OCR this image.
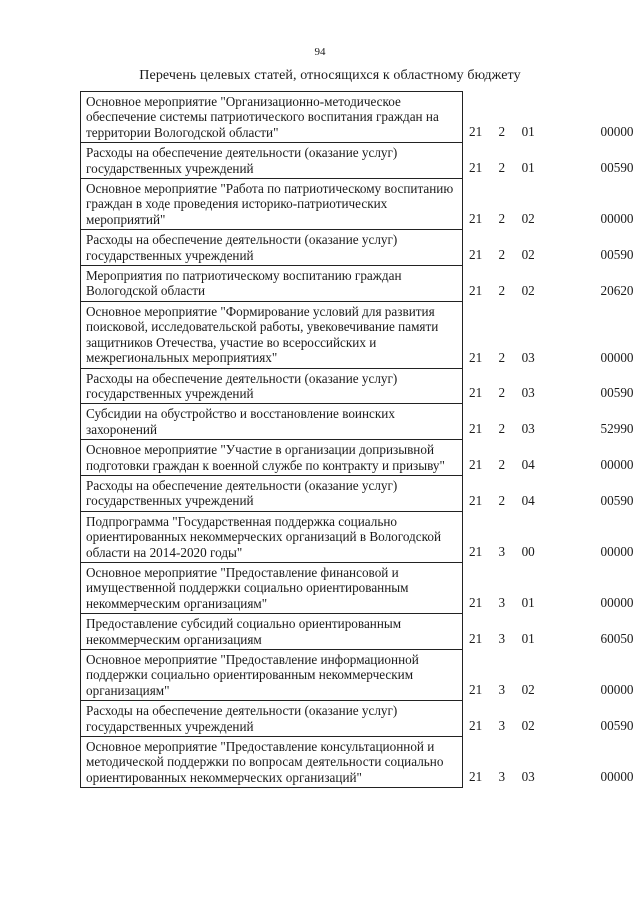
94
Перечень целевых статей, относящихся к областному бюджету
Основное мероприятие "Организационно-методическое обеспечение системы патриотического воспитания граждан на территории Вологодской области"	21	2	01	00000
Расходы на обеспечение деятельности (оказание услуг) государственных учреждений	21	2	01	00590
Основное мероприятие "Работа по патриотическому воспитанию граждан в ходе проведения историко-патриотических мероприятий"	21	2	02	00000
Расходы на обеспечение деятельности (оказание услуг) государственных учреждений	21	2	02	00590
Мероприятия по патриотическому воспитанию граждан Вологодской области	21	2	02	20620
Основное мероприятие "Формирование условий для развития поисковой, исследовательской работы, увековечивание памяти защитников Отечества, участие во всероссийских и межрегиональных мероприятиях"	21	2	03	00000
Расходы на обеспечение деятельности (оказание услуг) государственных учреждений	21	2	03	00590
Субсидии на обустройство и восстановление воинских захоронений	21	2	03	52990
Основное мероприятие "Участие в организации допризывной подготовки граждан к военной службе по контракту и призыву"	21	2	04	00000
Расходы на обеспечение деятельности (оказание услуг) государственных учреждений	21	2	04	00590
Подпрограмма "Государственная поддержка социально ориентированных некоммерческих организаций в Вологодской области на 2014-2020 годы"	21	3	00	00000
Основное мероприятие "Предоставление финансовой и имущественной поддержки социально ориентированным некоммерческим организациям"	21	3	01	00000
Предоставление субсидий социально ориентированным некоммерческим организациям	21	3	01	60050
Основное мероприятие "Предоставление информационной поддержки социально ориентированным некоммерческим организациям"	21	3	02	00000
Расходы на обеспечение деятельности (оказание услуг) государственных учреждений	21	3	02	00590
Основное мероприятие "Предоставление консультационной и методической поддержки по вопросам деятельности социально ориентированных некоммерческих организаций"	21	3	03	00000
